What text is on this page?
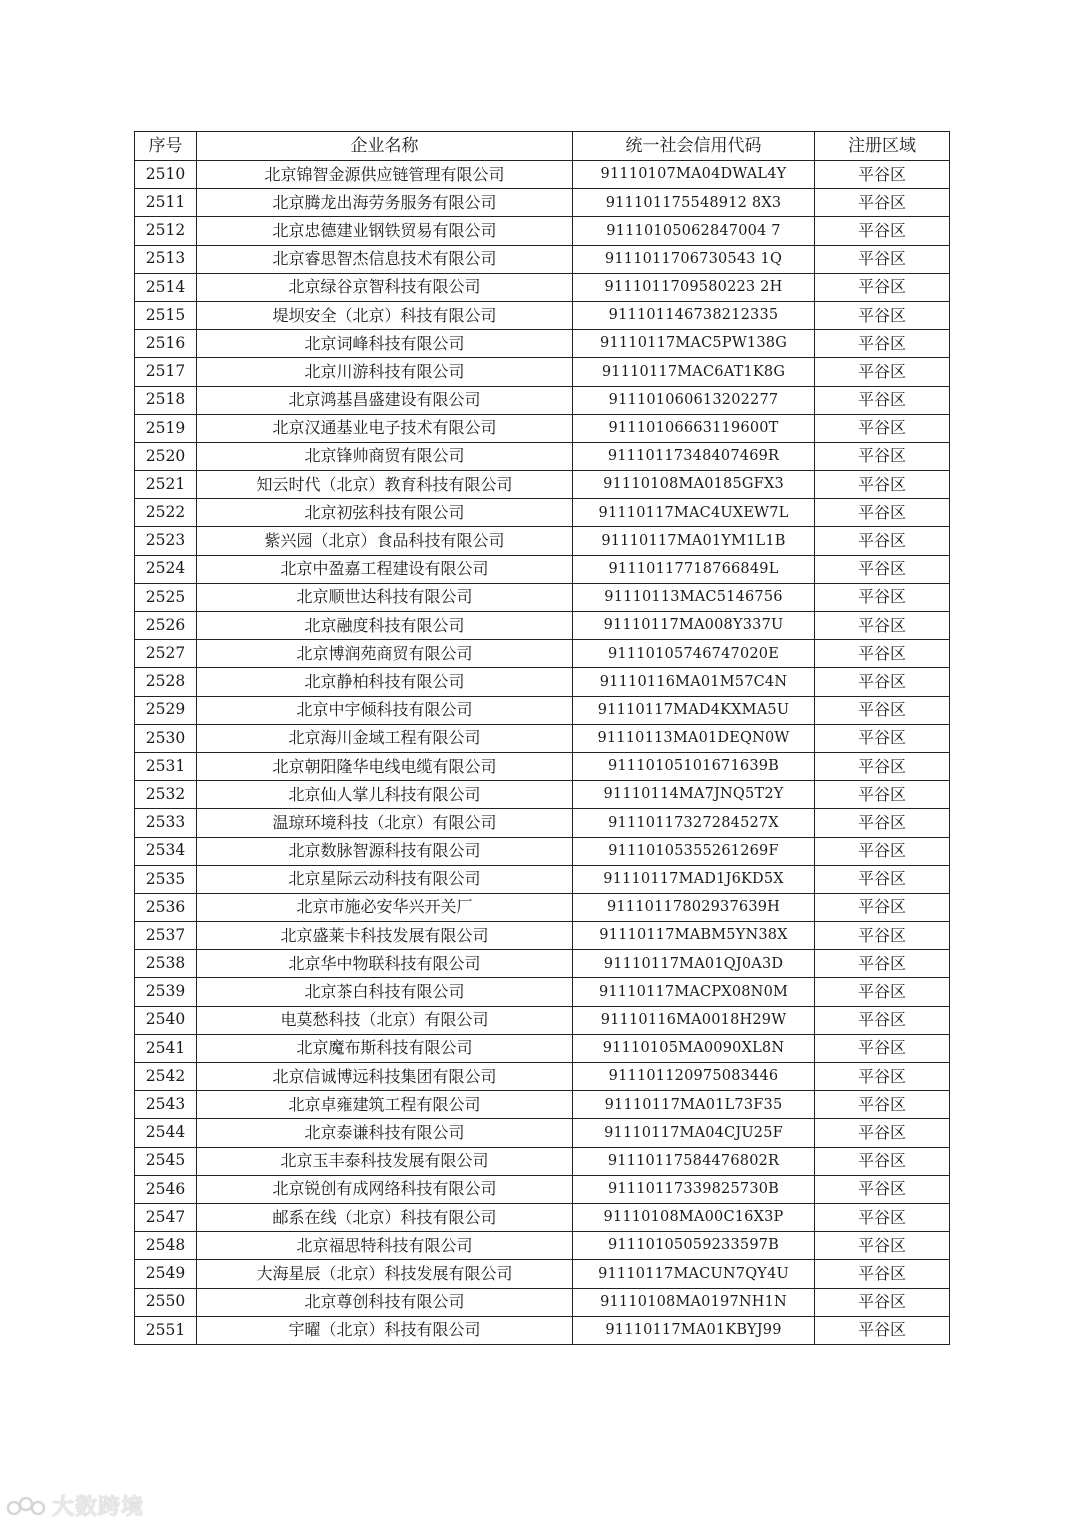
序号	企业名称	统一社会信用代码	注册区域
2510	北京锦智金源供应链管理有限公司	91110107MA04DWAL4Y	平谷区
2511	北京腾龙出海劳务服务有限公司	911101175548912 8X3	平谷区
2512	北京忠德建业钢铁贸易有限公司	91110105062847004 7	平谷区
2513	北京睿思智杰信息技术有限公司	9111011706730543 1Q	平谷区
2514	北京绿谷京智科技有限公司	9111011709580223 2H	平谷区
2515	堤坝安全（北京）科技有限公司	911101146738212335	平谷区
2516	北京词峰科技有限公司	91110117MAC5PW138G	平谷区
2517	北京川游科技有限公司	91110117MAC6AT1K8G	平谷区
2518	北京鸿基昌盛建设有限公司	911101060613202277	平谷区
2519	北京汉通基业电子技术有限公司	91110106663119600T	平谷区
2520	北京锋帅商贸有限公司	91110117348407469R	平谷区
2521	知云时代（北京）教育科技有限公司	91110108MA0185GFX3	平谷区
2522	北京初弦科技有限公司	91110117MAC4UXEW7L	平谷区
2523	紫兴园（北京）食品科技有限公司	91110117MA01YM1L1B	平谷区
2524	北京中盈嘉工程建设有限公司	91110117718766849L	平谷区
2525	北京顺世达科技有限公司	91110113MAC5146756	平谷区
2526	北京融度科技有限公司	91110117MA008Y337U	平谷区
2527	北京博润苑商贸有限公司	91110105746747020E	平谷区
2528	北京静柏科技有限公司	91110116MA01M57C4N	平谷区
2529	北京中宇倾科技有限公司	91110117MAD4KXMA5U	平谷区
2530	北京海川金域工程有限公司	91110113MA01DEQN0W	平谷区
2531	北京朝阳隆华电线电缆有限公司	91110105101671639B	平谷区
2532	北京仙人掌儿科技有限公司	91110114MA7JNQ5T2Y	平谷区
2533	温琼环境科技（北京）有限公司	91110117327284527X	平谷区
2534	北京数脉智源科技有限公司	91110105355261269F	平谷区
2535	北京星际云动科技有限公司	91110117MAD1J6KD5X	平谷区
2536	北京市施必安华兴开关厂	91110117802937639H	平谷区
2537	北京盛莱卡科技发展有限公司	91110117MABM5YN38X	平谷区
2538	北京华中物联科技有限公司	91110117MA01QJ0A3D	平谷区
2539	北京茶白科技有限公司	91110117MACPX08N0M	平谷区
2540	电莫愁科技（北京）有限公司	91110116MA0018H29W	平谷区
2541	北京魔布斯科技有限公司	91110105MA0090XL8N	平谷区
2542	北京信诚博远科技集团有限公司	911101120975083446	平谷区
2543	北京卓雍建筑工程有限公司	91110117MA01L73F35	平谷区
2544	北京泰谦科技有限公司	91110117MA04CJU25F	平谷区
2545	北京玉丰泰科技发展有限公司	91110117584476802R	平谷区
2546	北京锐创有成网络科技有限公司	91110117339825730B	平谷区
2547	邮系在线（北京）科技有限公司	91110108MA00C16X3P	平谷区
2548	北京福思特科技有限公司	91110105059233597B	平谷区
2549	大海星辰（北京）科技发展有限公司	91110117MACUN7QY4U	平谷区
2550	北京尊创科技有限公司	91110108MA0197NH1N	平谷区
2551	宇曜（北京）科技有限公司	91110117MA01KBYJ99	平谷区
大数跨境
